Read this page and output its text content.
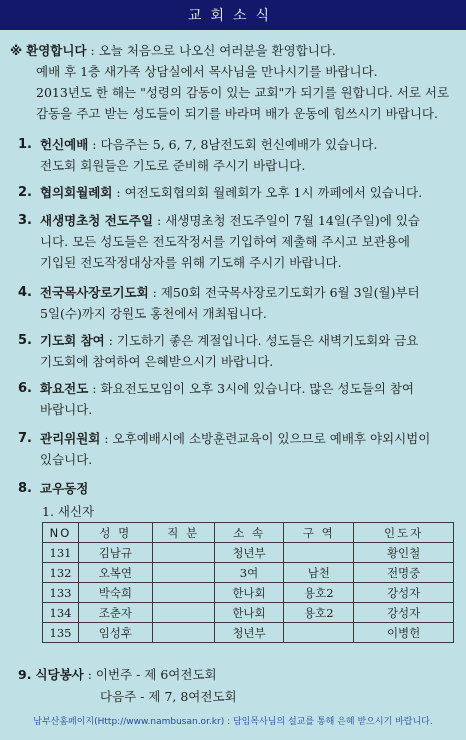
교회소식
※ 환영합니다 : 오늘 처음으로 나오신 여러분을 환영합니다.
예배 후 1층 새가족 상담실에서 목사님을 만나시기를 바랍니다.
2013년도 한 해는 "성령의 감동이 있는 교회"가 되기를 원합니다. 서로 서로
감동을 주고 받는 성도들이 되기를 바라며 배가 운동에 힘쓰시기 바랍니다.
1. 헌신예배 : 다음주는 5, 6, 7, 8남전도회 헌신예배가 있습니다.
전도회 회원들은 기도로 준비해 주시기 바랍니다.
2. 협의회월례회 : 여전도회협의회 월례회가 오후 1시 까페에서 있습니다.
3. 새생명초청 전도주일 : 새생명초청 전도주일이 7월 14일(주일)에 있습
니다. 모든 성도들은 전도작정서를 기입하여 제출해 주시고 보관용에
기입된 전도작정대상자를 위해 기도해 주시기 바랍니다.
4. 전국목사장로기도회 : 제50회 전국목사장로기도회가 6월 3일(월)부터
5일(수)까지 강원도 홍천에서 개최됩니다.
5. 기도회 참여 : 기도하기 좋은 계절입니다. 성도들은 새벽기도회와 금요
기도회에 참여하여 은혜받으시기 바랍니다.
6. 화요전도 : 화요전도모임이 오후 3시에 있습니다. 많은 성도들의 참여
바랍니다.
7. 관리위원회 : 오후예배시에 소방훈련교육이 있으므로 예배후 야외시범이
있습니다.
8. 교우동정
1. 새신자
NO	성 명	직 분	소 속	구 역	인도자
131	김남규		청년부		황인철
132	오복연		3여	남천	전명중
133	박숙희		한나회	용호2	강성자
134	조춘자		한나회	용호2	강성자
135	임성후		청년부		이병헌
9. 식당봉사 : 이번주 - 제 6여전도회
다음주 - 제 7, 8여전도회
남부산홈페이지(Http://www.nambusan.or.kr) : 담임목사님의 설교를 통해 은혜 받으시기 바랍니다.
